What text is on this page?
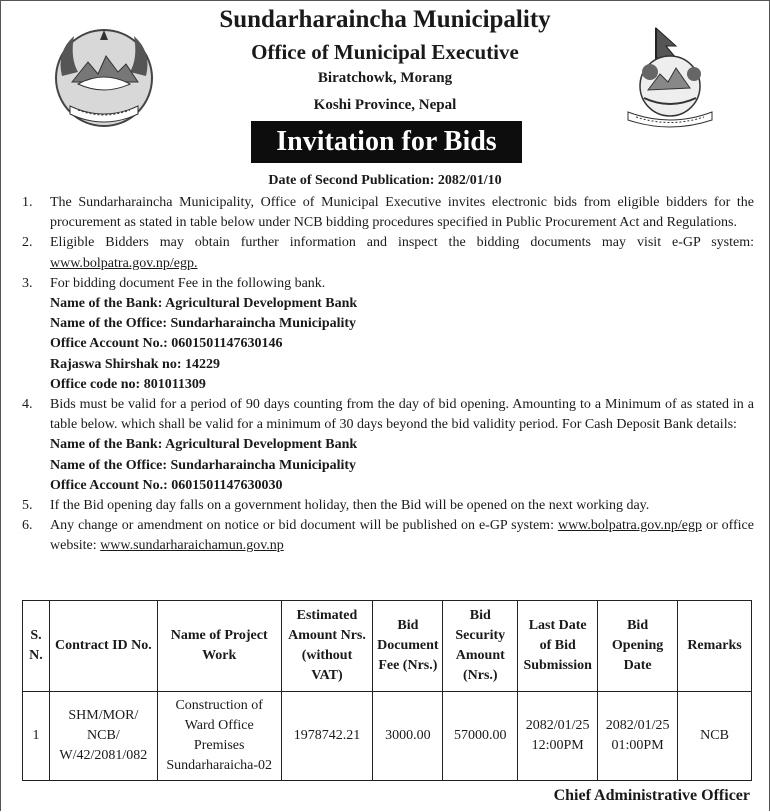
Sundarharaincha Municipality
Office of Municipal Executive
Biratchowk, Morang
Koshi Province, Nepal
Invitation for Bids
Date of Second Publication: 2082/01/10
1. The Sundarharaincha Municipality, Office of Municipal Executive invites electronic bids from eligible bidders for the procurement as stated in table below under NCB bidding procedures specified in Public Procurement Act and Regulations.
2. Eligible Bidders may obtain further information and inspect the bidding documents may visit e-GP system: www.bolpatra.gov.np/egp.
3. For bidding document Fee in the following bank.
Name of the Bank: Agricultural Development Bank
Name of the Office: Sundarharaincha Municipality
Office Account No.: 0601501147630146
Rajaswa Shirshak no: 14229
Office code no: 801011309
4. Bids must be valid for a period of 90 days counting from the day of bid opening. Amounting to a Minimum of as stated in a table below. which shall be valid for a minimum of 30 days beyond the bid validity period. For Cash Deposit Bank details:
Name of the Bank: Agricultural Development Bank
Name of the Office: Sundarharaincha Municipality
Office Account No.: 0601501147630030
5. If the Bid opening day falls on a government holiday, then the Bid will be opened on the next working day.
6. Any change or amendment on notice or bid document will be published on e-GP system: www.bolpatra.gov.np/egp or office website: www.sundarharaichamun.gov.np
S. N.	Contract ID No.	Name of Project Work	Estimated Amount Nrs. (without VAT)	Bid Document Fee (Nrs.)	Bid Security Amount (Nrs.)	Last Date of Bid Submission	Bid Opening Date	Remarks
1	SHM/MOR/ NCB/ W/42/2081/082	Construction of Ward Office Premises Sundarharaicha-02	1978742.21	3000.00	57000.00	2082/01/25 12:00PM	2082/01/25 01:00PM	NCB
Chief Administrative Officer
